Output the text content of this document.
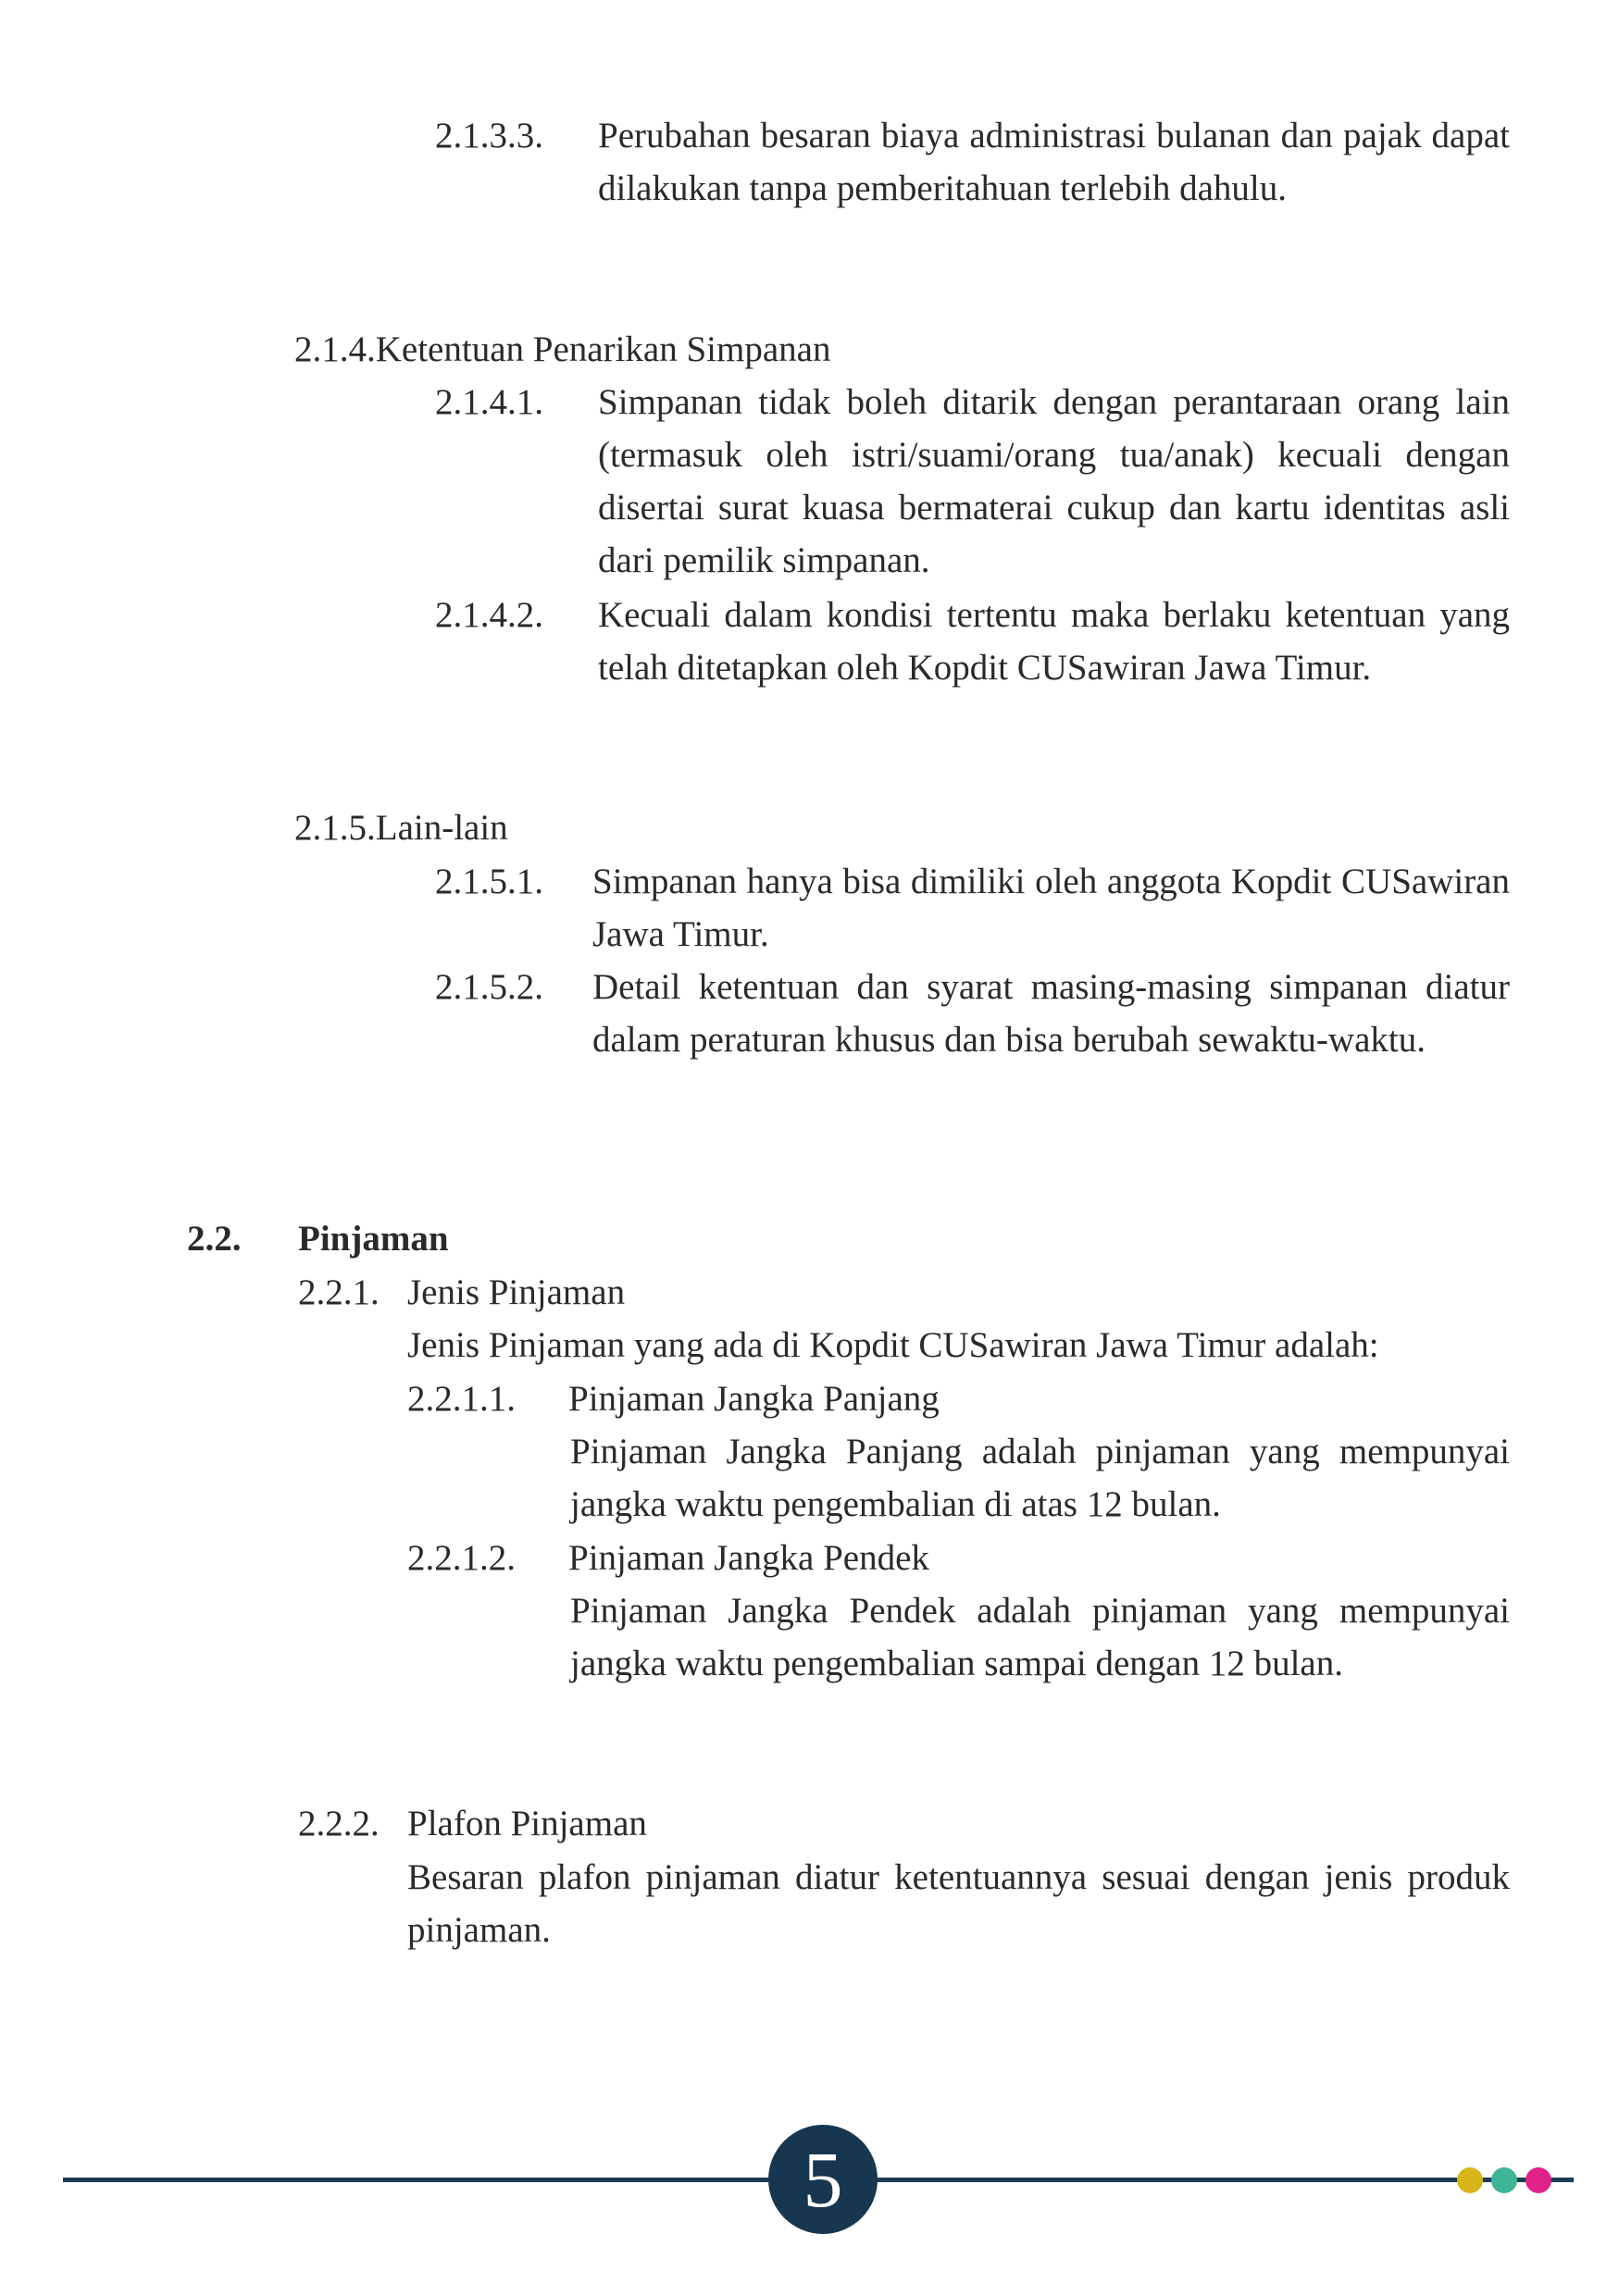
2.1.3.3. Perubahan besaran biaya administrasi bulanan dan pajak dapat dilakukan tanpa pemberitahuan terlebih dahulu.
2.1.4.Ketentuan Penarikan Simpanan
2.1.4.1. Simpanan tidak boleh ditarik dengan perantaraan orang lain (termasuk oleh istri/suami/orang tua/anak) kecuali dengan disertai surat kuasa bermaterai cukup dan kartu identitas asli dari pemilik simpanan.
2.1.4.2. Kecuali dalam kondisi tertentu maka berlaku ketentuan yang telah ditetapkan oleh Kopdit CUSawiran Jawa Timur.
2.1.5.Lain-lain
2.1.5.1. Simpanan hanya bisa dimiliki oleh anggota Kopdit CUSawiran Jawa Timur.
2.1.5.2. Detail ketentuan dan syarat masing-masing simpanan diatur dalam peraturan khusus dan bisa berubah sewaktu-waktu.
2.2. Pinjaman
2.2.1. Jenis Pinjaman
Jenis Pinjaman yang ada di Kopdit CUSawiran Jawa Timur adalah:
2.2.1.1. Pinjaman Jangka Panjang
Pinjaman Jangka Panjang adalah pinjaman yang mempunyai jangka waktu pengembalian di atas 12 bulan.
2.2.1.2. Pinjaman Jangka Pendek
Pinjaman Jangka Pendek adalah pinjaman yang mempunyai jangka waktu pengembalian sampai dengan 12 bulan.
2.2.2. Plafon Pinjaman
Besaran plafon pinjaman diatur ketentuannya sesuai dengan jenis produk pinjaman.
5
